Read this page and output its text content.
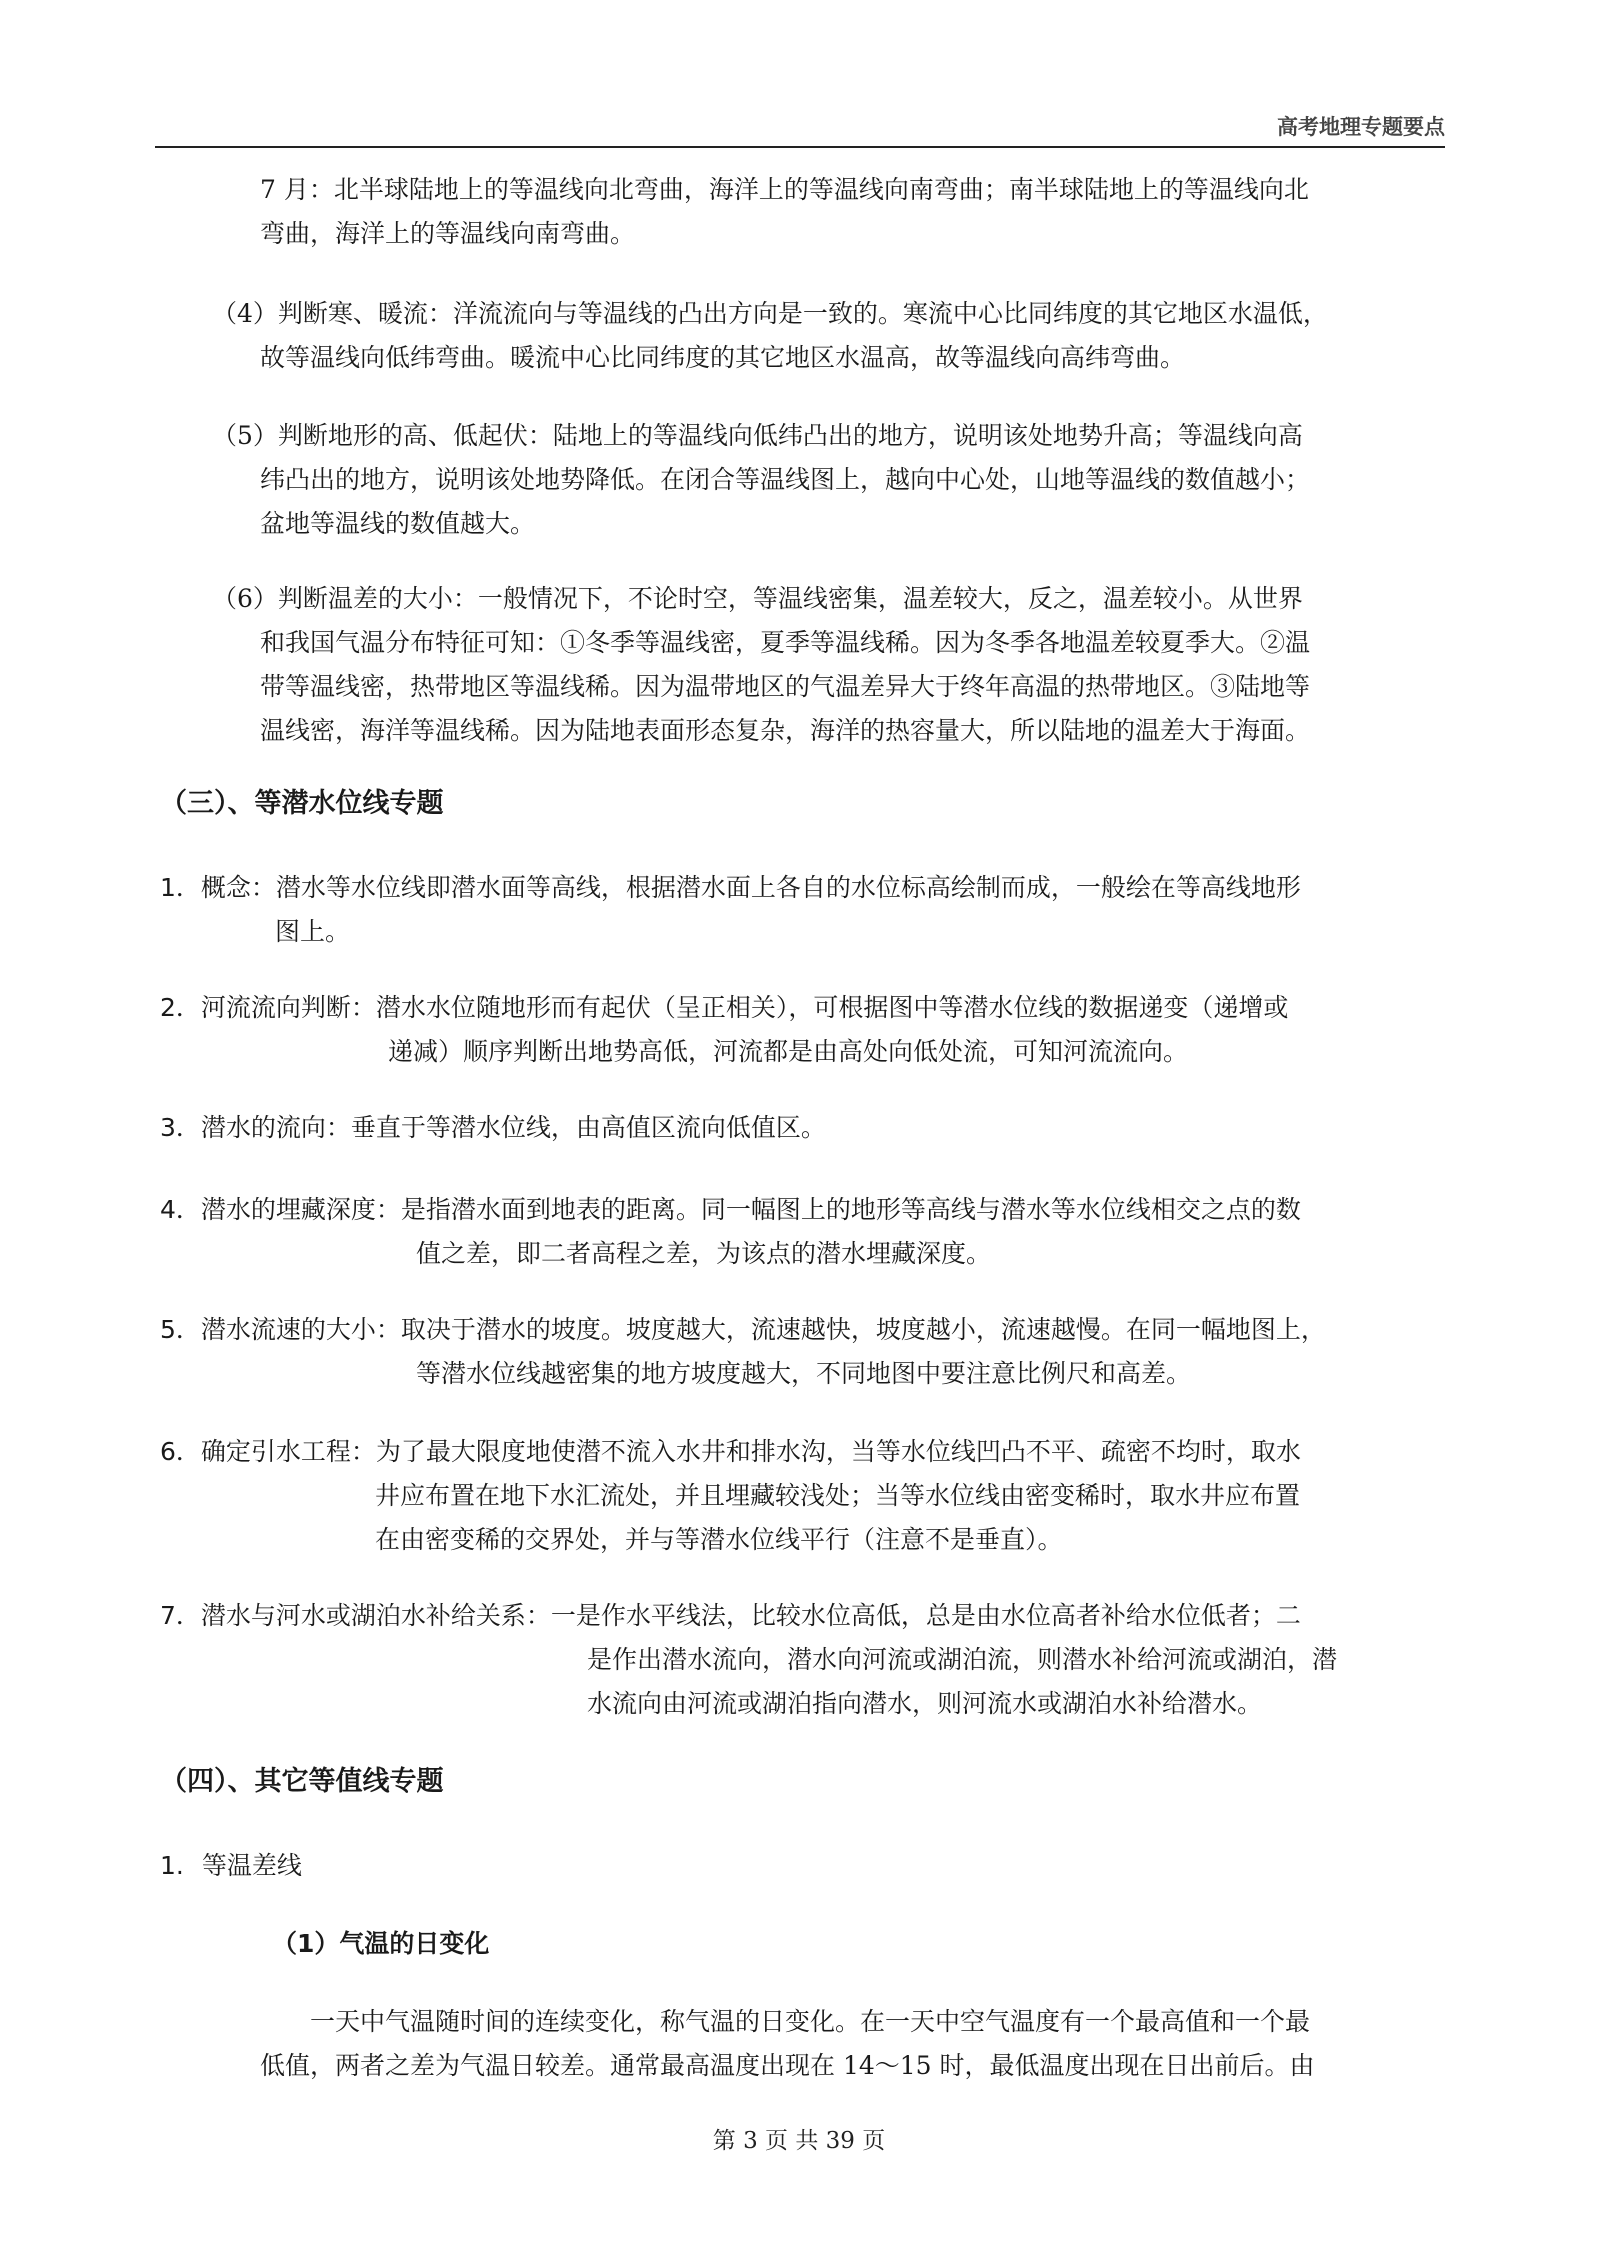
高考地理专题要点
7 月：北半球陆地上的等温线向北弯曲，海洋上的等温线向南弯曲；南半球陆地上的等温线向北
弯曲，海洋上的等温线向南弯曲。
（4）判断寒、暖流：洋流流向与等温线的凸出方向是一致的。寒流中心比同纬度的其它地区水温低，
故等温线向低纬弯曲。暖流中心比同纬度的其它地区水温高，故等温线向高纬弯曲。
（5）判断地形的高、低起伏：陆地上的等温线向低纬凸出的地方，说明该处地势升高；等温线向高
纬凸出的地方，说明该处地势降低。在闭合等温线图上，越向中心处，山地等温线的数值越小；
盆地等温线的数值越大。
（6）判断温差的大小：一般情况下，不论时空，等温线密集，温差较大，反之，温差较小。从世界
和我国气温分布特征可知：①冬季等温线密，夏季等温线稀。因为冬季各地温差较夏季大。②温
带等温线密，热带地区等温线稀。因为温带地区的气温差异大于终年高温的热带地区。③陆地等
温线密，海洋等温线稀。因为陆地表面形态复杂，海洋的热容量大，所以陆地的温差大于海面。
（三）、等潜水位线专题
1． 概念 ：潜水等水位线即潜水面等高线，根据潜水面上各自的水位标高绘制而成，一般绘在等高线地形
图上。
2． 河流流向判断 ：潜水水位随地形而有起伏（呈正相关），可根据图中等潜水位线的数据递变（递增或
递减）顺序判断出地势高低，河流都是由高处向低处流，可知河流流向。
3． 潜水的流向 ：垂直于等潜水位线，由高值区流向低值区。
4． 潜水的埋藏深度 ：是指潜水面到地表的距离。同一幅图上的地形等高线与潜水等水位线相交之点的数
值之差，即二者高程之差，为该点的潜水埋藏深度。
5． 潜水流速的大小 ：取决于潜水的坡度。坡度越大，流速越快，坡度越小，流速越慢。在同一幅地图上，
等潜水位线越密集的地方坡度越大，不同地图中要注意比例尺和高差。
6． 确定引水工程 ：为了最大限度地使潜不流入水井和排水沟，当等水位线凹凸不平、疏密不均时，取水
井应布置在地下水汇流处，并且埋藏较浅处；当等水位线由密变稀时，取水井应布置
在由密变稀的交界处，并与等潜水位线平行（注意不是垂直）。
7． 潜水与河水或湖泊水补给关系 ：一是作水平线法，比较水位高低，总是由水位高者补给水位低者；二
是作出潜水流向，潜水向河流或湖泊流，则潜水补给河流或湖泊，潜
水流向由河流或湖泊指向潜水，则河流水或湖泊水补给潜水。
（四）、其它等值线专题
1. 等温差线
（1）气温的日变化
一天中气温随时间的连续变化，称气温的日变化。在一天中空气温度有一个最高值和一个最
低值，两者之差为气温日较差。通常最高温度出现在 14～15 时，最低温度出现在日出前后。由
第 3 页 共 39 页
